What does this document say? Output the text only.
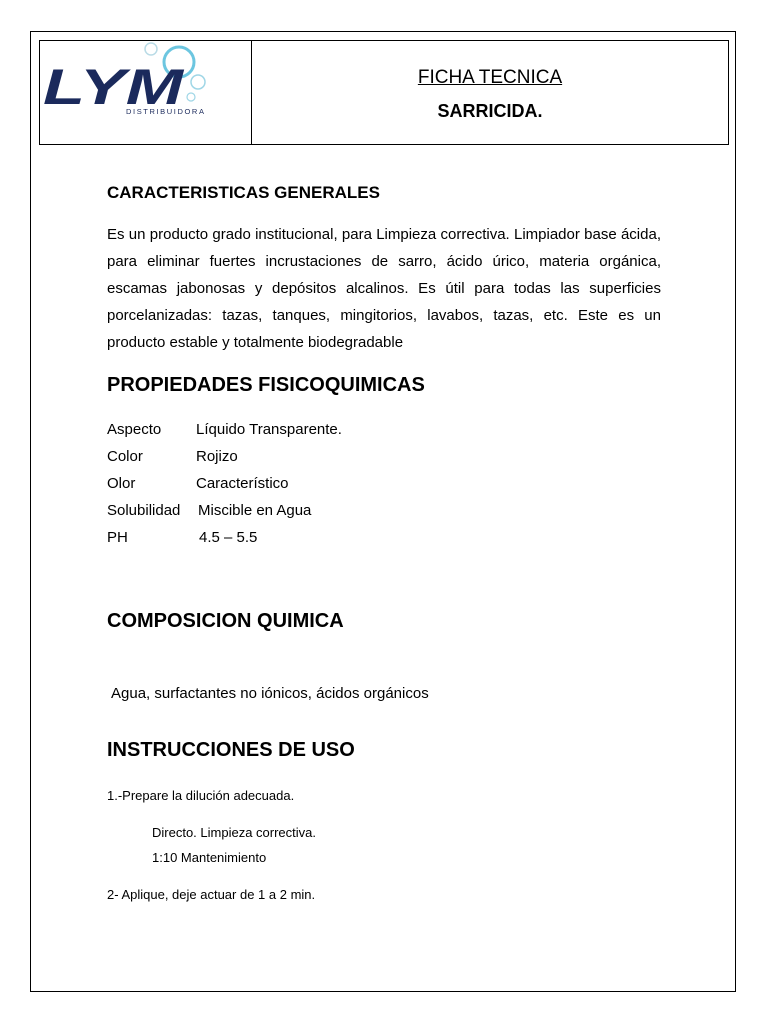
LYM
DISTRIBUIDORA
FICHA TECNICA
SARRICIDA.
CARACTERISTICAS GENERALES
Es un producto grado institucional, para Limpieza correctiva. Limpiador base ácida, para eliminar fuertes incrustaciones de sarro, ácido úrico, materia orgánica, escamas jabonosas y depósitos alcalinos. Es útil para todas las superficies porcelanizadas: tazas, tanques, mingitorios, lavabos, tazas, etc. Este es un producto estable y totalmente biodegradable
PROPIEDADES FISICOQUIMICAS
Aspecto Líquido Transparente.
Color	Rojizo
Olor	Característico
Solubilidad Miscible en Agua
PH	4.5 – 5.5
COMPOSICION QUIMICA
Agua, surfactantes no iónicos, ácidos orgánicos
INSTRUCCIONES DE USO
1.-Prepare la dilución adecuada.
Directo. Limpieza correctiva.
1:10 Mantenimiento
2- Aplique, deje actuar de 1 a 2 min.
